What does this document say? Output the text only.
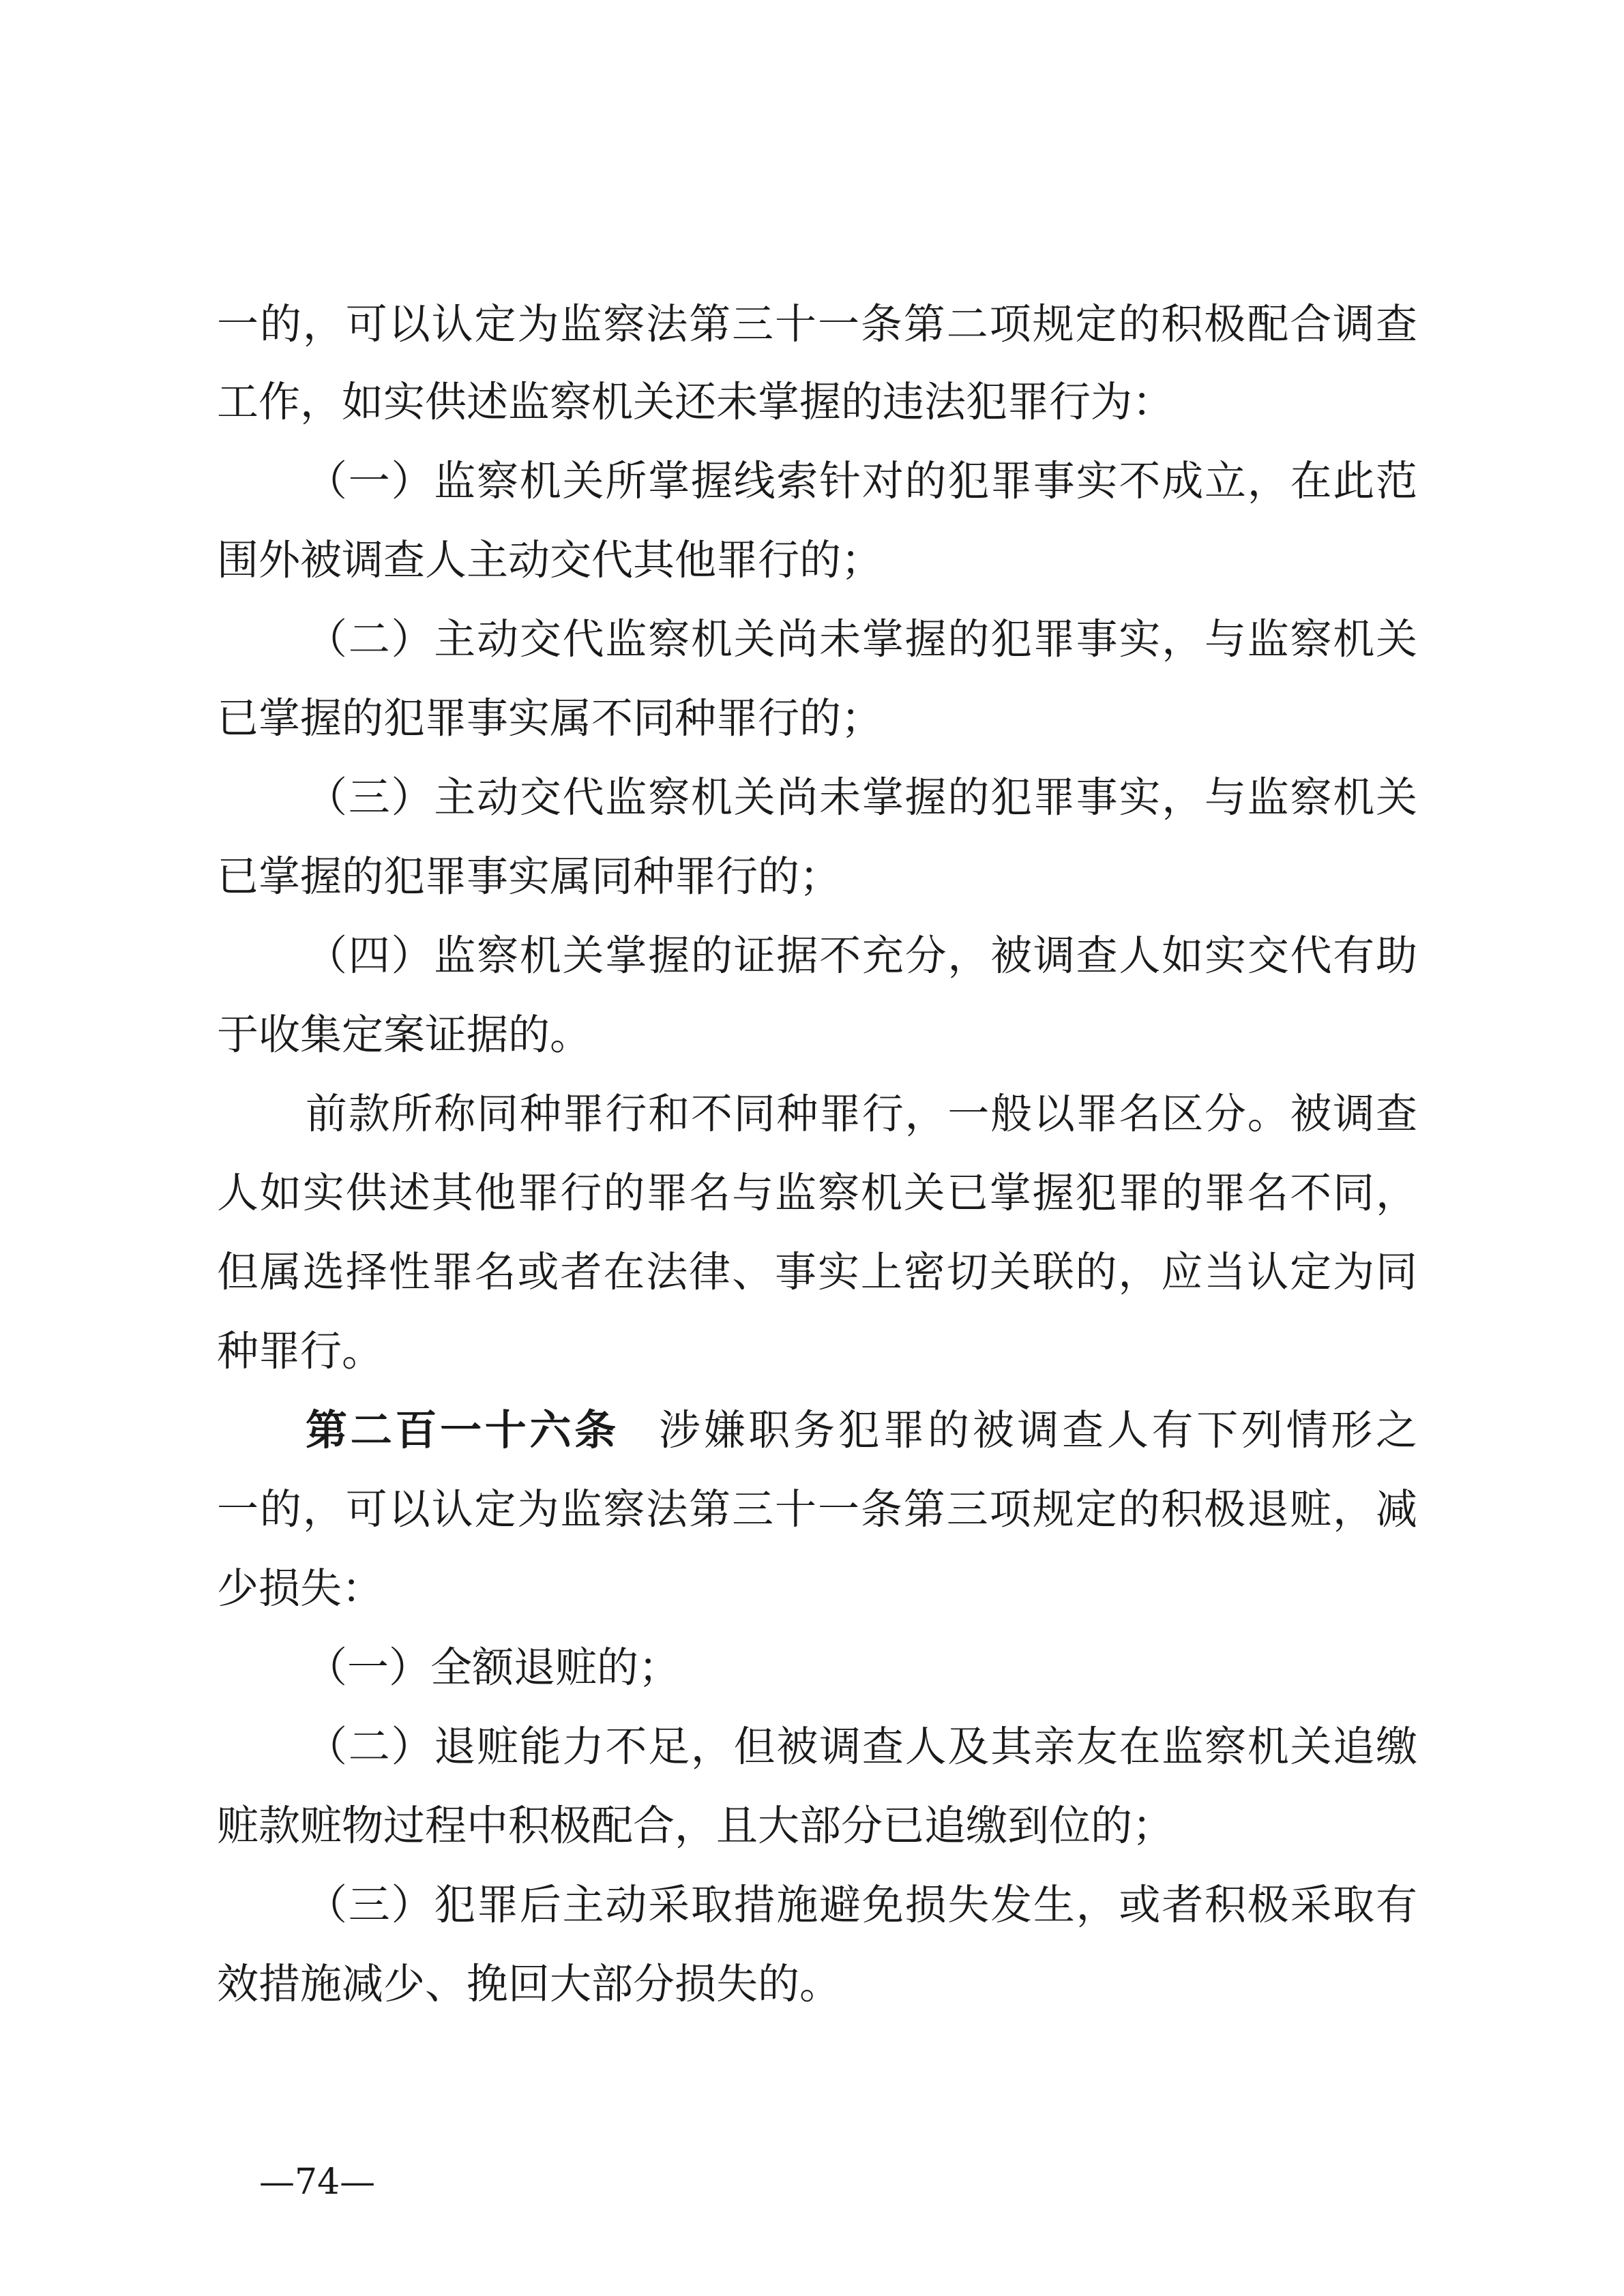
一的，可以认定为监察法第三十一条第二项规定的积极配合调查
工作，如实供述监察机关还未掌握的违法犯罪行为：
（一）监察机关所掌握线索针对的犯罪事实不成立，在此范
围外被调查人主动交代其他罪行的；
（二）主动交代监察机关尚未掌握的犯罪事实，与监察机关
已掌握的犯罪事实属不同种罪行的；
（三）主动交代监察机关尚未掌握的犯罪事实，与监察机关
已掌握的犯罪事实属同种罪行的；
（四）监察机关掌握的证据不充分，被调查人如实交代有助
于收集定案证据的。
前款所称同种罪行和不同种罪行，一般以罪名区分。被调查
人如实供述其他罪行的罪名与监察机关已掌握犯罪的罪名不同，
但属选择性罪名或者在法律、事实上密切关联的，应当认定为同
种罪行。
第二百一十六条 涉嫌职务犯罪的被调查人有下列情形之
一的，可以认定为监察法第三十一条第三项规定的积极退赃，减
少损失：
（一）全额退赃的；
（二）退赃能力不足，但被调查人及其亲友在监察机关追缴
赃款赃物过程中积极配合，且大部分已追缴到位的；
（三）犯罪后主动采取措施避免损失发生，或者积极采取有
效措施减少、挽回大部分损失的。
—74—
